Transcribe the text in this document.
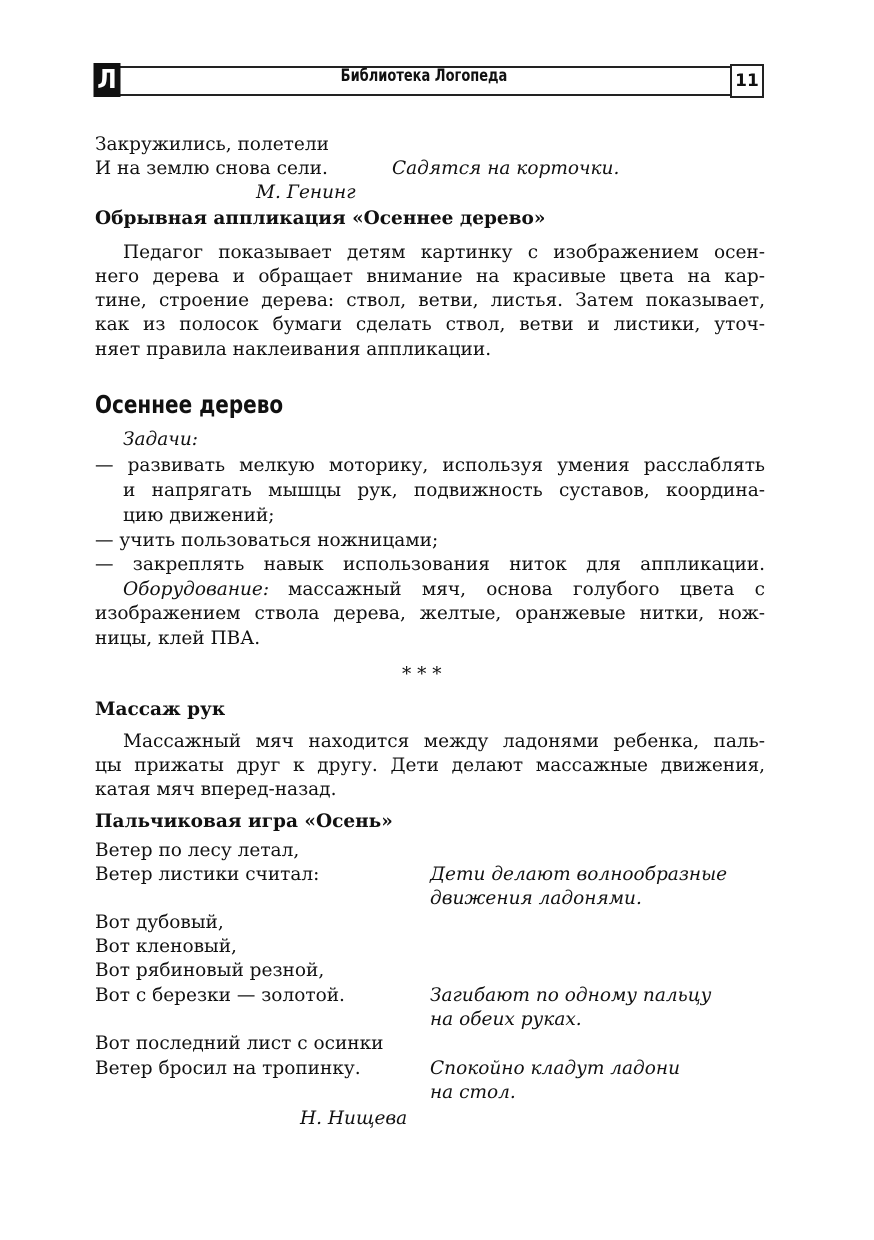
Л	Библиотека Логопеда	11
Закружились, полетели
И на землю снова сели.	Садятся на корточки.
М. Генинг
Обрывная аппликация «Осеннее дерево»
Педагог показывает детям картинку с изображением осен-
него дерева и обращает внимание на красивые цвета на кар-
тине, строение дерева: ствол, ветви, листья. Затем показывает,
как из полосок бумаги сделать ствол, ветви и листики, уточ-
няет правила наклеивания аппликации.
Осеннее дерево
Задачи:
— развивать мелкую моторику, используя умения расслаблять
и напрягать мышцы рук, подвижность суставов, координа-
цию движений;
— учить пользоваться ножницами;
— закреплять навык использования ниток для аппликации.
Оборудование: массажный мяч, основа голубого цвета с
изображением ствола дерева, желтые, оранжевые нитки, нож-
ницы, клей ПВА.
* * *
Массаж рук
Массажный мяч находится между ладонями ребенка, паль-
цы прижаты друг к другу. Дети делают массажные движения,
катая мяч вперед-назад.
Пальчиковая игра «Осень»
Ветер по лесу летал,
Ветер листики считал:	Дети делают волнообразные
движения ладонями.
Вот дубовый,
Вот кленовый,
Вот рябиновый резной,
Вот с березки — золотой.	Загибают по одному пальцу
на обеих руках.
Вот последний лист с осинки
Ветер бросил на тропинку.	Спокойно кладут ладони
на стол.
Н. Нищева
